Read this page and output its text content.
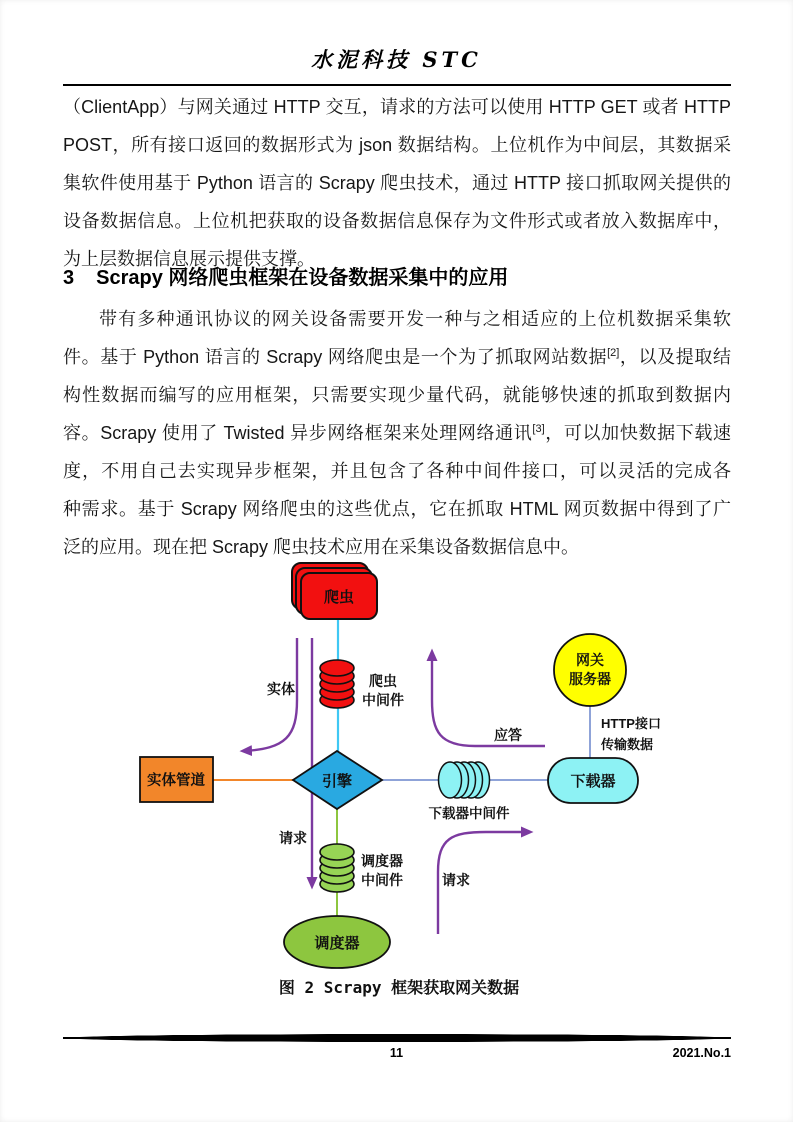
水泥科技 STC
（ClientApp）与网关通过 HTTP 交互，请求的方法可以使用 HTTP GET 或者 HTTP
POST，所有接口返回的数据形式为 json 数据结构。上位机作为中间层，其数据采
集软件使用基于 Python 语言的 Scrapy 爬虫技术，通过 HTTP 接口抓取网关提供的
设备数据信息。上位机把获取的设备数据信息保存为文件形式或者放入数据库中，
为上层数据信息展示提供支撑。
3 Scrapy 网络爬虫框架在设备数据采集中的应用
带有多种通讯协议的网关设备需要开发一种与之相适应的上位机数据采集软
件。基于 Python 语言的 Scrapy 网络爬虫是一个为了抓取网站数据[2]，以及提取结
构性数据而编写的应用框架，只需要实现少量代码，就能够快速的抓取到数据内
容。Scrapy 使用了 Twisted 异步网络框架来处理网络通讯[3]，可以加快数据下载速
度，不用自己去实现异步框架，并且包含了各种中间件接口，可以灵活的完成各
种需求。基于 Scrapy 网络爬虫的这些优点，它在抓取 HTML 网页数据中得到了广
泛的应用。现在把 Scrapy 爬虫技术应用在采集设备数据信息中。
爬虫
爬虫
中间件
引擎
实体管道
下载器中间件
下载器
网关
服务器
调度器
中间件
调度器
实体
请求
应答
请求
HTTP接口
传输数据
图 2 Scrapy 框架获取网关数据
11	2021.No.1
